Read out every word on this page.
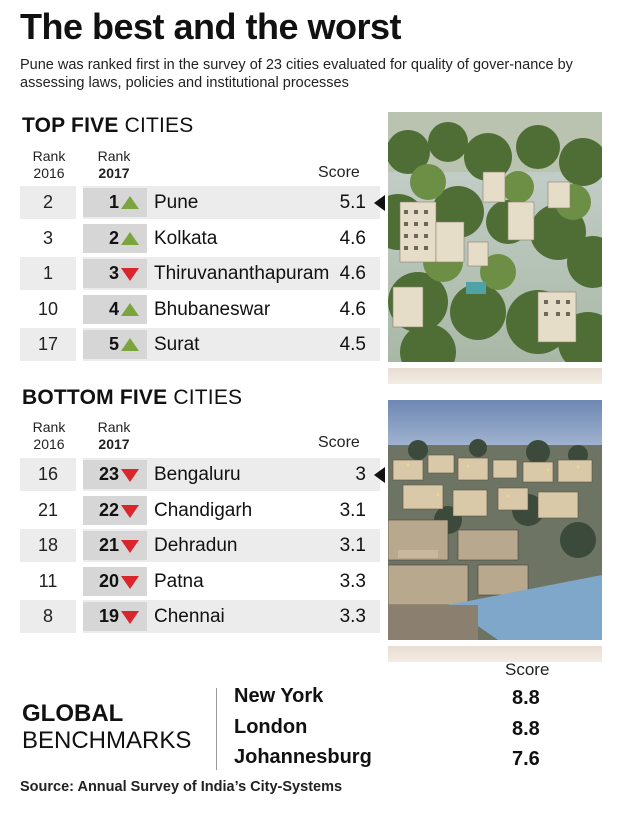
The best and the worst
Pune was ranked first in the survey of 23 cities evaluated for quality of gover-nance by assessing laws, policies and institutional processes
TOP FIVE CITIES
Rank
2016
Rank
2017	Score
2	1 Pune	5.1
3	2 Kolkata	4.6
1	3 Thiruvananthapuram 4.6
10	4 Bhubaneswar	4.6
17	5 Surat	4.5
BOTTOM FIVE CITIES
Rank
2016
Rank
2017	Score
16	23 Bengaluru	3
21	22 Chandigarh	3.1
18	21 Dehradun	3.1
11	20 Patna	3.3
8	19 Chennai	3.3
GLOBAL
BENCHMARKS
Score
New York	8.8
London	8.8
Johannesburg	7.6
Source: Annual Survey of India’s City-Systems
